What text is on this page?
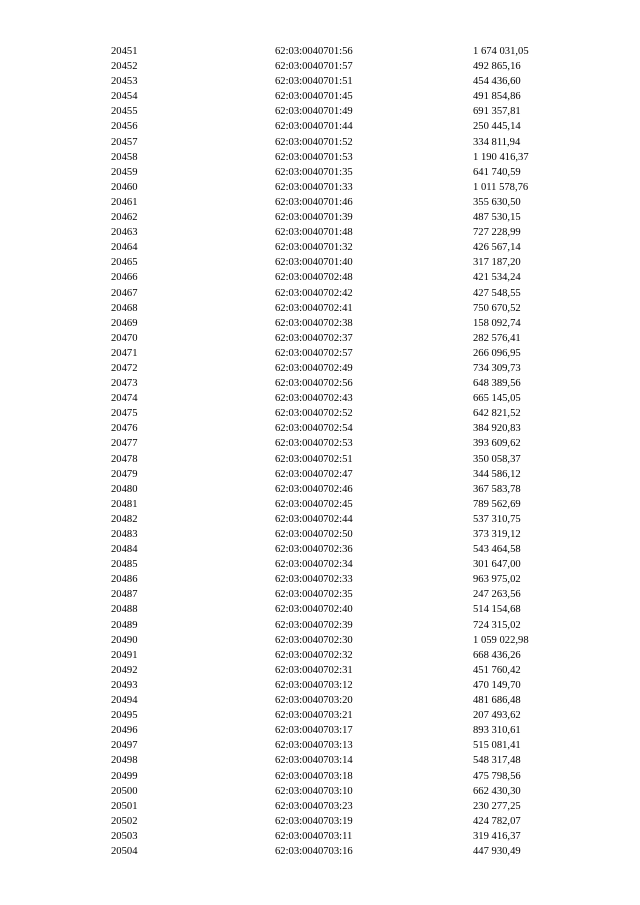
20451	62:03:0040701:56	1 674 031,05
20452	62:03:0040701:57	492 865,16
20453	62:03:0040701:51	454 436,60
20454	62:03:0040701:45	491 854,86
20455	62:03:0040701:49	691 357,81
20456	62:03:0040701:44	250 445,14
20457	62:03:0040701:52	334 811,94
20458	62:03:0040701:53	1 190 416,37
20459	62:03:0040701:35	641 740,59
20460	62:03:0040701:33	1 011 578,76
20461	62:03:0040701:46	355 630,50
20462	62:03:0040701:39	487 530,15
20463	62:03:0040701:48	727 228,99
20464	62:03:0040701:32	426 567,14
20465	62:03:0040701:40	317 187,20
20466	62:03:0040702:48	421 534,24
20467	62:03:0040702:42	427 548,55
20468	62:03:0040702:41	750 670,52
20469	62:03:0040702:38	158 092,74
20470	62:03:0040702:37	282 576,41
20471	62:03:0040702:57	266 096,95
20472	62:03:0040702:49	734 309,73
20473	62:03:0040702:56	648 389,56
20474	62:03:0040702:43	665 145,05
20475	62:03:0040702:52	642 821,52
20476	62:03:0040702:54	384 920,83
20477	62:03:0040702:53	393 609,62
20478	62:03:0040702:51	350 058,37
20479	62:03:0040702:47	344 586,12
20480	62:03:0040702:46	367 583,78
20481	62:03:0040702:45	789 562,69
20482	62:03:0040702:44	537 310,75
20483	62:03:0040702:50	373 319,12
20484	62:03:0040702:36	543 464,58
20485	62:03:0040702:34	301 647,00
20486	62:03:0040702:33	963 975,02
20487	62:03:0040702:35	247 263,56
20488	62:03:0040702:40	514 154,68
20489	62:03:0040702:39	724 315,02
20490	62:03:0040702:30	1 059 022,98
20491	62:03:0040702:32	668 436,26
20492	62:03:0040702:31	451 760,42
20493	62:03:0040703:12	470 149,70
20494	62:03:0040703:20	481 686,48
20495	62:03:0040703:21	207 493,62
20496	62:03:0040703:17	893 310,61
20497	62:03:0040703:13	515 081,41
20498	62:03:0040703:14	548 317,48
20499	62:03:0040703:18	475 798,56
20500	62:03:0040703:10	662 430,30
20501	62:03:0040703:23	230 277,25
20502	62:03:0040703:19	424 782,07
20503	62:03:0040703:11	319 416,37
20504	62:03:0040703:16	447 930,49
